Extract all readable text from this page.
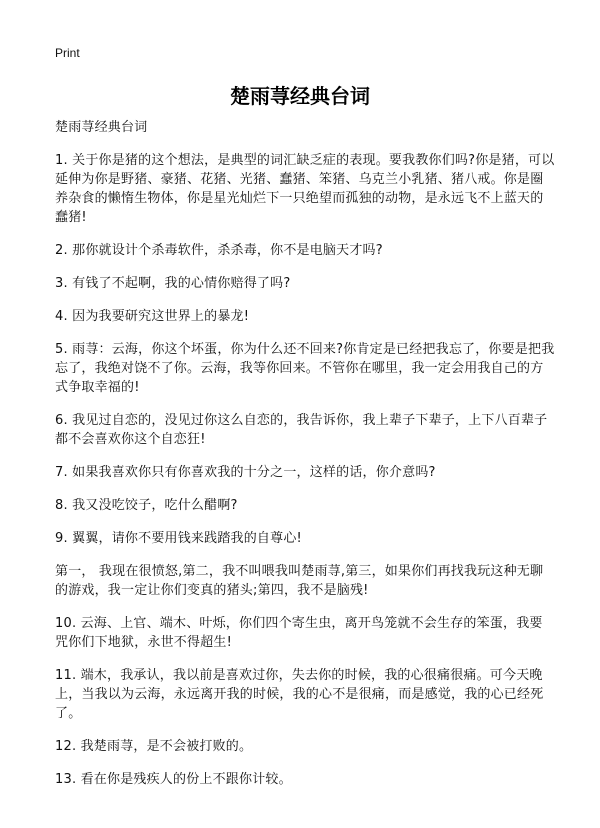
Print
楚雨荨经典台词

楚雨荨经典台词

1. 关于你是猪的这个想法，是典型的词汇缺乏症的表现。要我教你们吗?你是猪，可以延伸为你是野猪、豪猪、花猪、光猪、蠢猪、笨猪、乌克兰小乳猪、猪八戒。你是圈养杂食的懒惰生物体，你是星光灿烂下一只绝望而孤独的动物，是永远飞不上蓝天的蠢猪!

2. 那你就设计个杀毒软件，杀杀毒，你不是电脑天才吗?

3. 有钱了不起啊，我的心情你赔得了吗?

4. 因为我要研究这世界上的暴龙!

5. 雨荨：云海，你这个坏蛋，你为什么还不回来?你肯定是已经把我忘了，你要是把我忘了，我绝对饶不了你。云海，我等你回来。不管你在哪里，我一定会用我自己的方式争取幸福的!

6. 我见过自恋的，没见过你这么自恋的，我告诉你，我上辈子下辈子，上下八百辈子都不会喜欢你这个自恋狂!

7. 如果我喜欢你只有你喜欢我的十分之一，这样的话，你介意吗?

8. 我又没吃饺子，吃什么醋啊?

9. 翼翼，请你不要用钱来践踏我的自尊心!

第一， 我现在很愤怒,第二，我不叫喂我叫楚雨荨,第三，如果你们再找我玩这种无聊的游戏，我一定让你们变真的猪头;第四，我不是脑残!

10. 云海、上官、端木、叶烁，你们四个寄生虫，离开鸟笼就不会生存的笨蛋，我要咒你们下地狱，永世不得超生!

11. 端木，我承认，我以前是喜欢过你，失去你的时候，我的心很痛很痛。可今天晚上，当我以为云海，永远离开我的时候，我的心不是很痛，而是感觉，我的心已经死了。

12. 我楚雨荨，是不会被打败的。

13. 看在你是残疾人的份上不跟你计较。
